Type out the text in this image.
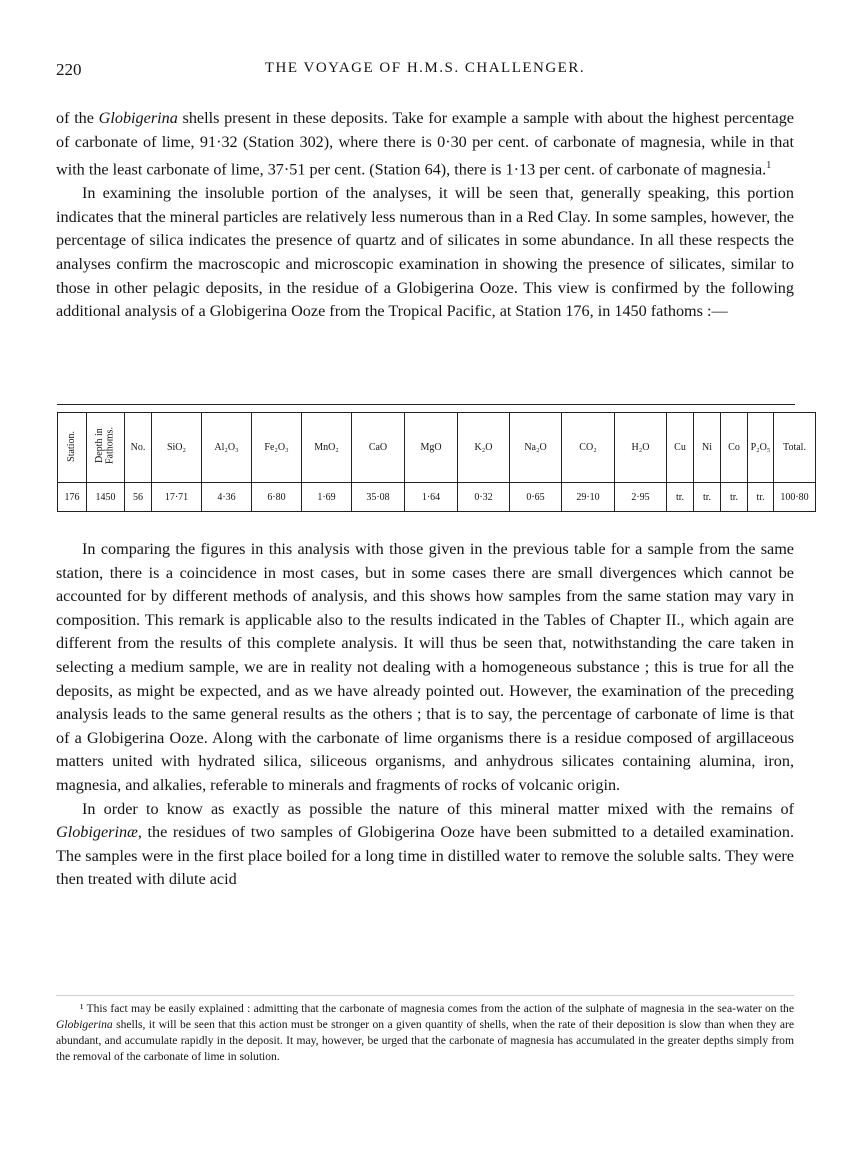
220	THE VOYAGE OF H.M.S. CHALLENGER.

of the Globigerina shells present in these deposits. Take for example a sample with about the highest percentage of carbonate of lime, 91·32 (Station 302), where there is 0·30 per cent. of carbonate of magnesia, while in that with the least carbonate of lime, 37·51 per cent. (Station 64), there is 1·13 per cent. of carbonate of magnesia.$^1$

In examining the insoluble portion of the analyses, it will be seen that, generally speaking, this portion indicates that the mineral particles are relatively less numerous than in a Red Clay. In some samples, however, the percentage of silica indicates the presence of quartz and of silicates in some abundance. In all these respects the analyses confirm the macroscopic and microscopic examination in showing the presence of silicates, similar to those in other pelagic deposits, in the residue of a Globigerina Ooze. This view is confirmed by the following additional analysis of a Globigerina Ooze from the Tropical Pacific, at Station 176, in 1450 fathoms :—

Station.	Depth in Fathoms.	No.	SiO₂	Al₂O₃	Fe₂O₃	MnO₂	CaO	MgO	K₂O	Na₂O	CO₂	H₂O	Cu	Ni	Co	P₂O₅	Total.
176	1450	56	17·71	4·36	6·80	1·69	35·08	1·64	0·32	0·65	29·10	2·95	tr.	tr.	tr.	tr.	100·80

In comparing the figures in this analysis with those given in the previous table for a sample from the same station, there is a coincidence in most cases, but in some cases there are small divergences which cannot be accounted for by different methods of analysis, and this shows how samples from the same station may vary in composition. This remark is applicable also to the results indicated in the Tables of Chapter II., which again are different from the results of this complete analysis. It will thus be seen that, notwithstanding the care taken in selecting a medium sample, we are in reality not dealing with a homogeneous substance ; this is true for all the deposits, as might be expected, and as we have already pointed out. However, the examination of the preceding analysis leads to the same general results as the others ; that is to say, the percentage of carbonate of lime is that of a Globigerina Ooze. Along with the carbonate of lime organisms there is a residue composed of argillaceous matters united with hydrated silica, siliceous organisms, and anhydrous silicates containing alumina, iron, magnesia, and alkalies, referable to minerals and fragments of rocks of volcanic origin.

In order to know as exactly as possible the nature of this mineral matter mixed with the remains of Globigerinæ, the residues of two samples of Globigerina Ooze have been submitted to a detailed examination. The samples were in the first place boiled for a long time in distilled water to remove the soluble salts. They were then treated with dilute acid

¹ This fact may be easily explained : admitting that the carbonate of magnesia comes from the action of the sulphate of magnesia in the sea-water on the Globigerina shells, it will be seen that this action must be stronger on a given quantity of shells, when the rate of their deposition is slow than when they are abundant, and accumulate rapidly in the deposit. It may, however, be urged that the carbonate of magnesia has accumulated in the greater depths simply from the removal of the carbonate of lime in solution.
